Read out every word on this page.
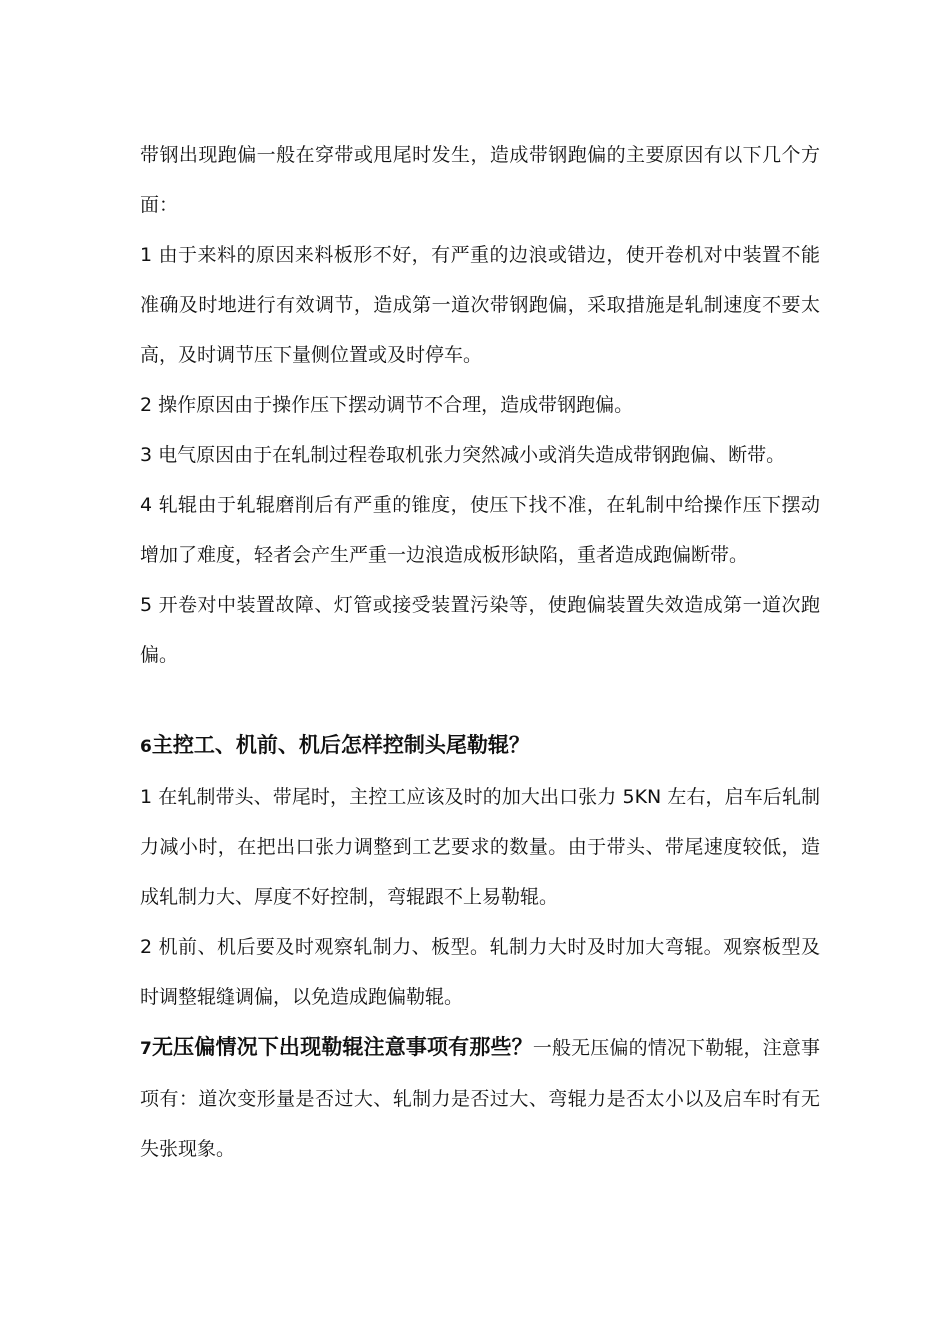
带钢出现跑偏一般在穿带或甩尾时发生，造成带钢跑偏的主要原因有以下几个方面：

1 由于来料的原因来料板形不好，有严重的边浪或错边，使开卷机对中装置不能准确及时地进行有效调节，造成第一道次带钢跑偏，采取措施是轧制速度不要太高，及时调节压下量侧位置或及时停车。

2 操作原因由于操作压下摆动调节不合理，造成带钢跑偏。

3 电气原因由于在轧制过程卷取机张力突然减小或消失造成带钢跑偏、断带。

4 轧辊由于轧辊磨削后有严重的锥度，使压下找不准，在轧制中给操作压下摆动增加了难度，轻者会产生严重一边浪造成板形缺陷，重者造成跑偏断带。

5 开卷对中装置故障、灯管或接受装置污染等，使跑偏装置失效造成第一道次跑偏。

6主控工、机前、机后怎样控制头尾勒辊？

1 在轧制带头、带尾时，主控工应该及时的加大出口张力 5KN 左右，启车后轧制力减小时，在把出口张力调整到工艺要求的数量。由于带头、带尾速度较低，造成轧制力大、厚度不好控制，弯辊跟不上易勒辊。

2 机前、机后要及时观察轧制力、板型。轧制力大时及时加大弯辊。观察板型及时调整辊缝调偏，以免造成跑偏勒辊。

7无压偏情况下出现勒辊注意事项有那些？一般无压偏的情况下勒辊，注意事项有：道次变形量是否过大、轧制力是否过大、弯辊力是否太小以及启车时有无失张现象。
